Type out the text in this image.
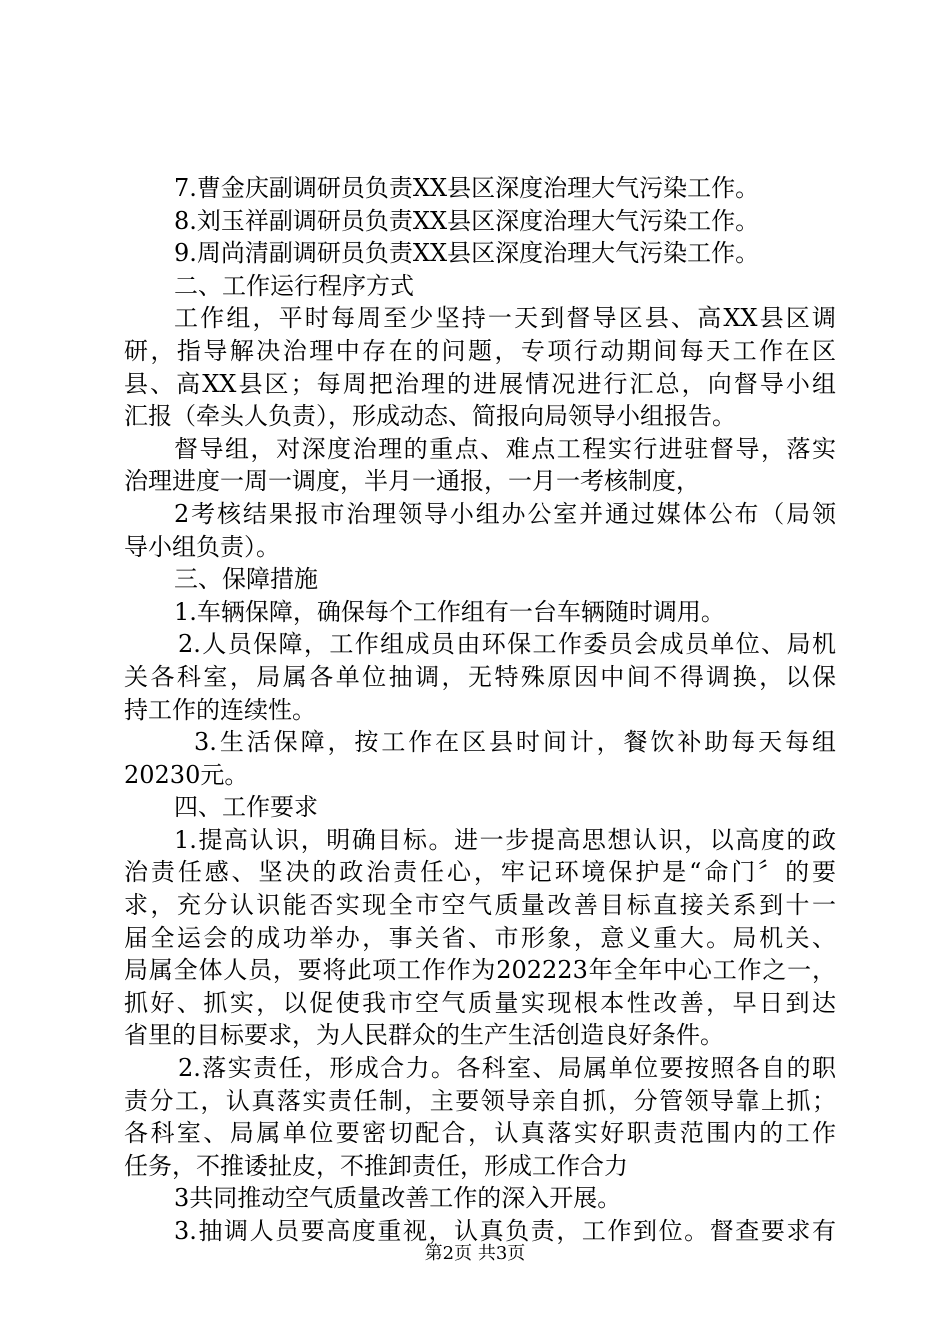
7.曹金庆副调研员负责XX县区深度治理大气污染工作。
8.刘玉祥副调研员负责XX县区深度治理大气污染工作。
9.周尚清副调研员负责XX县区深度治理大气污染工作。
二、工作运行程序方式
工作组，平时每周至少坚持一天到督导区县、高XX县区调
研，指导解决治理中存在的问题，专项行动期间每天工作在区
县、高XX县区；每周把治理的进展情况进行汇总，向督导小组
汇报（牵头人负责），形成动态、简报向局领导小组报告。
督导组，对深度治理的重点、难点工程实行进驻督导，落实
治理进度一周一调度，半月一通报，一月一考核制度，
2考核结果报市治理领导小组办公室并通过媒体公布（局领
导小组负责）。
三、保障措施
1.车辆保障，确保每个工作组有一台车辆随时调用。
2.人员保障，工作组成员由环保工作委员会成员单位、局机
关各科室，局属各单位抽调，无特殊原因中间不得调换，以保
持工作的连续性。
3.生活保障，按工作在区县时间计，餐饮补助每天每组
20230元。
四、工作要求
1.提高认识，明确目标。进一步提高思想认识，以高度的政
治责任感、坚决的政治责任心，牢记环境保护是“命门〞的要
求，充分认识能否实现全市空气质量改善目标直接关系到十一
届全运会的成功举办，事关省、市形象，意义重大。局机关、
局属全体人员，要将此项工作作为202223年全年中心工作之一，
抓好、抓实，以促使我市空气质量实现根本性改善，早日到达
省里的目标要求，为人民群众的生产生活创造良好条件。
2.落实责任，形成合力。各科室、局属单位要按照各自的职
责分工，认真落实责任制，主要领导亲自抓，分管领导靠上抓；
各科室、局属单位要密切配合，认真落实好职责范围内的工作
任务，不推诿扯皮，不推卸责任，形成工作合力
3共同推动空气质量改善工作的深入开展。
3.抽调人员要高度重视，认真负责，工作到位。督查要求有
第2页 共3页
